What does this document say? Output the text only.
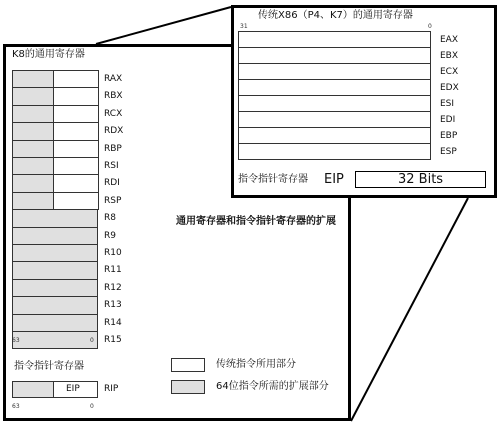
K8的通用寄存器
RAX
RBX
RCX
RDX
RBP
RSI
RDI
RSP
R8
R9
R10
R11
R12
R13
R14
R15
63	0
指令指针寄存器
EIP	RIP
63	0
传统指令所用部分
64位指令所需的扩展部分
通用寄存器和指令指针寄存器的扩展
传统X86（P4、K7）的通用寄存器
31	0
EAX
EBX
ECX
EDX
ESI
EDI
EBP
ESP
指令指针寄存器 EIP	32 Bits
